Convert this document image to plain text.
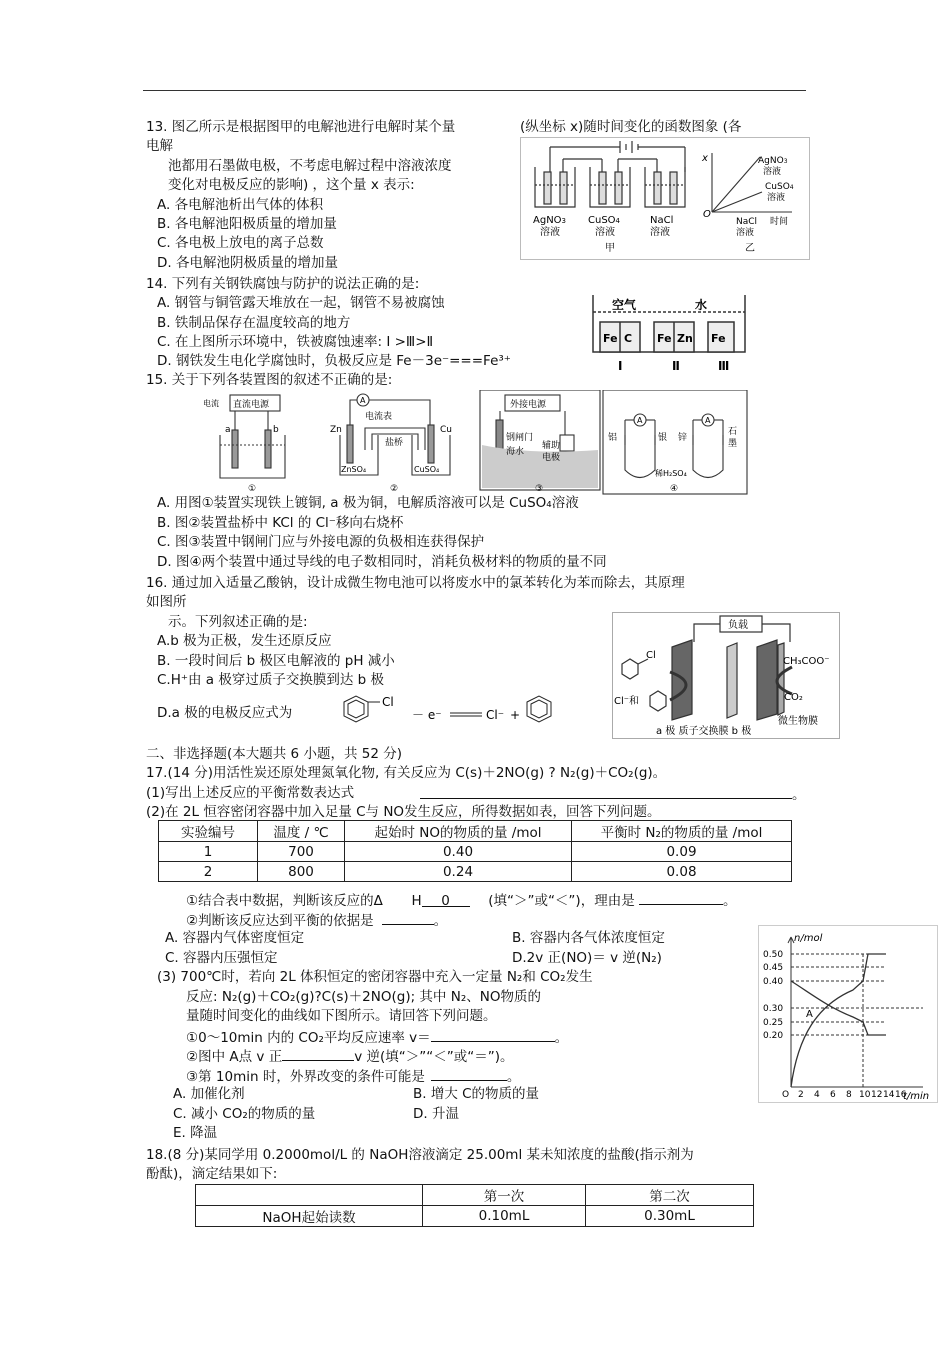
13. 图乙所示是根据图甲的电解池进行电解时某个量	(纵坐标 x)随时间变化的函数图象 (各
电解
池都用石墨做电极，不考虑电解过程中溶液浓度
变化对电极反应的影响) ，这个量 x 表示:
A. 各电解池析出气体的体积
B. 各电解池阳极质量的增加量
C. 各电极上放电的离子总数
D. 各电解池阴极质量的增加量
AgNO3
溶液
CuSO4
溶液
NaCl
溶液
甲
x
O
AgNO3
溶液
CuSO4
溶液
NaCl
溶液
时间
乙
14. 下列有关钢铁腐蚀与防护的说法正确的是:
A. 钢管与铜管露天堆放在一起，钢管不易被腐蚀
B. 铁制品保存在温度较高的地方
C. 在上图所示环境中，铁被腐蚀速率: Ⅰ >Ⅲ>Ⅱ
D. 钢铁发生电化学腐蚀时，负极反应是 Fe－3e⁻===Fe³⁺
空气	水
Fe C Fe Zn Fe
Ⅰ	Ⅱ	Ⅲ
15. 关于下列各装置图的叙述不正确的是:
直流电源
电流
a	b
①
A
电流表
Zn	Cu
盐桥
ZnSO₄	CuSO₄
②
外接电源
钢闸门
海水
辅助
电极
③
A	A
铝	银 锌
石
墨
稀H₂SO₄
④
A. 用图①装置实现铁上镀铜, a 极为铜，电解质溶液可以是 CuSO₄溶液
B. 图②装置盐桥中 KCl 的 Cl⁻移向右烧杯
C. 图③装置中钢闸门应与外接电源的负极相连获得保护
D. 图④两个装置中通过导线的电子数相同时，消耗负极材料的物质的量不同
16. 通过加入适量乙酸钠，设计成微生物电池可以将废水中的氯苯转化为苯而除去，其原理
如图所
示。下列叙述正确的是:
A.b 极为正极，发生还原反应
B. 一段时间后 b 极区电解液的 pH 减小
C.H⁺由 a 极穿过质子交换膜到达 b 极
D.a 极的电极反应式为
Cl
－ e⁻	Cl⁻ +
负载
Cl
Cl⁻和
CH₃COO⁻
CO₂
a 极 质子交换膜 b 极
微生物膜
二、非选择题(本大题共 6 小题，共 52 分)
17.(14 分)用活性炭还原处理氮氧化物, 有关反应为 C(s)＋2NO(g) ? N₂(g)＋CO₂(g)。
(1)写出上述反应的平衡常数表达式	。
(2)在 2L 恒容密闭容器中加入足量 C与 NO发生反应，所得数据如表，回答下列问题。
实验编号	温度 / ℃	起始时 NO的物质的量 /mol	平衡时 N₂的物质的量 /mol
1	700	0.40	0.09
2	800	0.24	0.08
①结合表中数据，判断该反应的Δ H 0	(填“＞”或“＜”)，理由是	。
②判断该反应达到平衡的依据是	。
A. 容器内气体密度恒定	B. 容器内各气体浓度恒定
C. 容器内压强恒定	D.2v 正(NO)＝ v 逆(N₂)
(3) 700℃时，若向 2L 体积恒定的密闭容器中充入一定量 N₂和 CO₂发生
反应: N₂(g)＋CO₂(g)?C(s)＋2NO(g); 其中 N₂、NO物质的
量随时间变化的曲线如下图所示。请回答下列问题。
①0～10min 内的 CO₂平均反应速率 v＝	。
②图中 A点 v 正	v 逆(填“＞”“＜”或“＝”)。
③第 10min 时，外界改变的条件可能是	。
A. 加催化剂	B. 增大 C的物质的量
C. 减小 CO₂的物质的量	D. 升温
E. 降温
n/mol
t/min
0.50
0.45
0.40
0.30
0.25
0.20
2 4 6 8 10 12 14 16
A
O
18.(8 分)某同学用 0.2000mol/L 的 NaOH溶液滴定 25.00ml 某未知浓度的盐酸(指示剂为
酚酞)，滴定结果如下:
	第一次	第二次
NaOH起始读数	0.10mL	0.30mL
